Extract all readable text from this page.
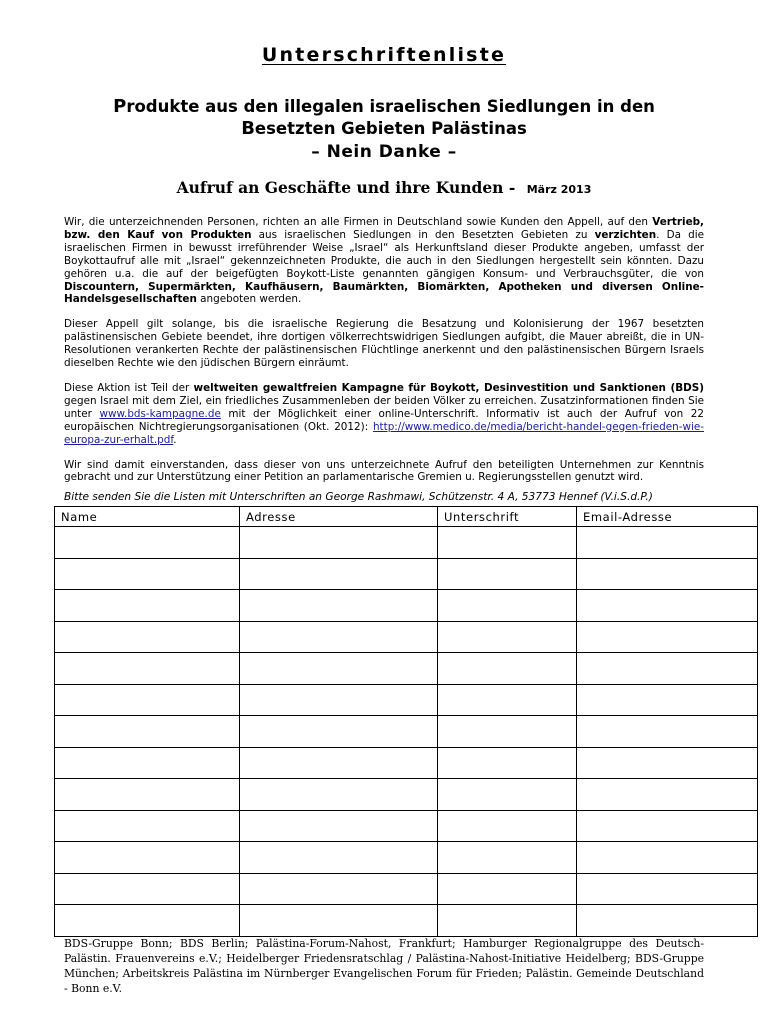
Unterschriftenliste
Produkte aus den illegalen israelischen Siedlungen in den
Besetzten Gebieten Palästinas
– Nein Danke –
Aufruf an Geschäfte und ihre Kunden - März 2013

Wir, die unterzeichnenden Personen, richten an alle Firmen in Deutschland sowie Kunden den Appell, auf den Vertrieb, bzw. den Kauf von Produkten aus israelischen Siedlungen in den Besetzten Gebieten zu verzichten. Da die israelischen Firmen in bewusst irreführender Weise „Israel“ als Herkunftsland dieser Produkte angeben, umfasst der Boykottaufruf alle mit „Israel“ gekennzeichneten Produkte, die auch in den Siedlungen hergestellt sein könnten. Dazu gehören u.a. die auf der beigefügten Boykott-Liste genannten gängigen Konsum- und Verbrauchsgüter, die von Discountern, Supermärkten, Kaufhäusern, Baumärkten, Biomärkten, Apotheken und diversen Online-Handelsgesellschaften angeboten werden.

Dieser Appell gilt solange, bis die israelische Regierung die Besatzung und Kolonisierung der 1967 besetzten palästinensischen Gebiete beendet, ihre dortigen völkerrechtswidrigen Siedlungen aufgibt, die Mauer abreißt, die in UN-Resolutionen verankerten Rechte der palästinensischen Flüchtlinge anerkennt und den palästinensischen Bürgern Israels dieselben Rechte wie den jüdischen Bürgern einräumt.

Diese Aktion ist Teil der weltweiten gewaltfreien Kampagne für Boykott, Desinvestition und Sanktionen (BDS) gegen Israel mit dem Ziel, ein friedliches Zusammenleben der beiden Völker zu erreichen. Zusatzinformationen finden Sie unter www.bds-kampagne.de mit der Möglichkeit einer online-Unterschrift. Informativ ist auch der Aufruf von 22 europäischen Nichtregierungsorganisationen (Okt. 2012): http://www.medico.de/media/bericht-handel-gegen-frieden-wie-europa-zur-erhalt.pdf.

Wir sind damit einverstanden, dass dieser von uns unterzeichnete Aufruf den beteiligten Unternehmen zur Kenntnis gebracht und zur Unterstützung einer Petition an parlamentarische Gremien u. Regierungsstellen genutzt wird.

Bitte senden Sie die Listen mit Unterschriften an George Rashmawi, Schützenstr. 4 A, 53773 Hennef (V.i.S.d.P.)
Name	Adresse	Unterschrift	Email-Adresse

BDS-Gruppe Bonn; BDS Berlin; Palästina-Forum-Nahost, Frankfurt; Hamburger Regionalgruppe des Deutsch-Palästin. Frauenvereins e.V.; Heidelberger Friedensratschlag / Palästina-Nahost-Initiative Heidelberg; BDS-Gruppe München; Arbeitskreis Palästina im Nürnberger Evangelischen Forum für Frieden; Palästin. Gemeinde Deutschland - Bonn e.V.
